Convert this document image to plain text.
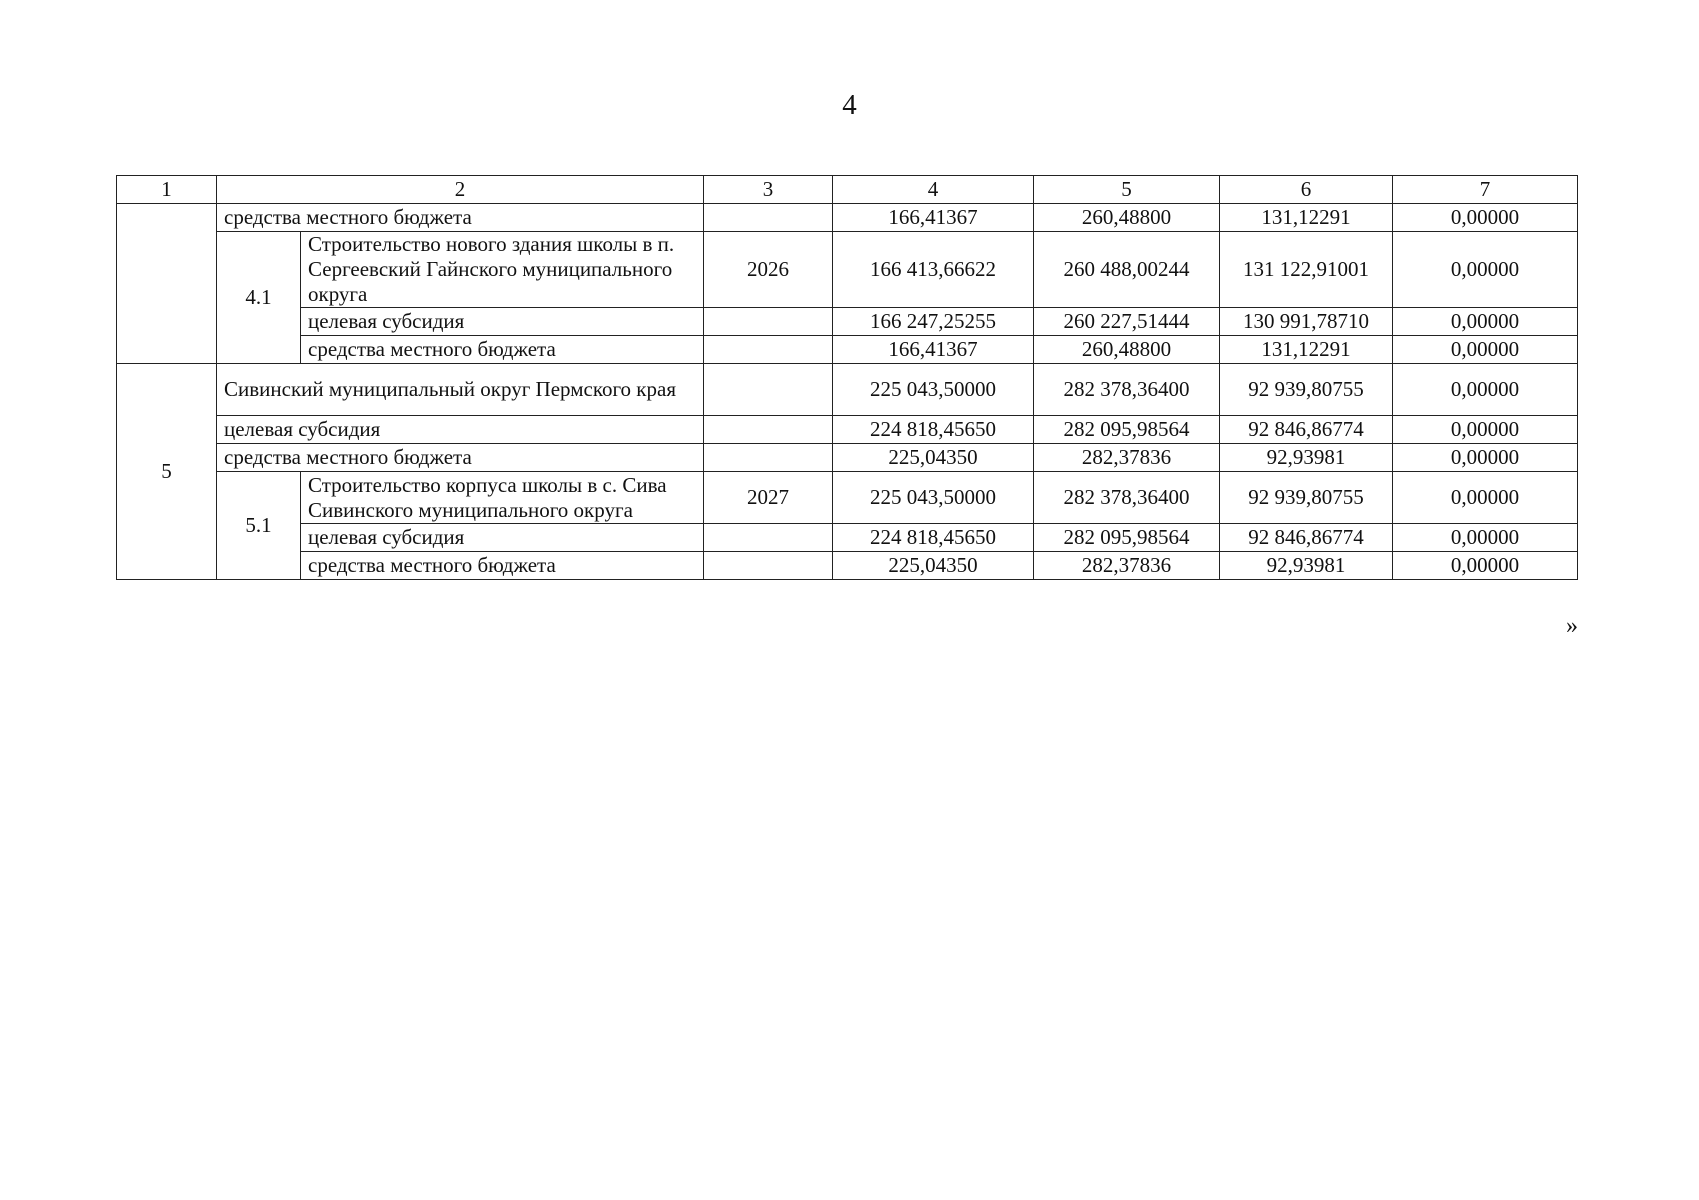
4
1	2		3	4	5	6	7
	средства местного бюджета			166,41367	260,48800	131,12291	0,00000
	4.1	Строительство нового здания школы в п. Сергеевский Гайнского муниципального округа	2026	166 413,66622	260 488,00244	131 122,91001	0,00000
		целевая субсидия		166 247,25255	260 227,51444	130 991,78710	0,00000
		средства местного бюджета		166,41367	260,48800	131,12291	0,00000
5	Сивинский муниципальный округ Пермского края			225 043,50000	282 378,36400	92 939,80755	0,00000
	целевая субсидия			224 818,45650	282 095,98564	92 846,86774	0,00000
	средства местного бюджета			225,04350	282,37836	92,93981	0,00000
	5.1	Строительство корпуса школы в с. Сива Сивинского муниципального округа	2027	225 043,50000	282 378,36400	92 939,80755	0,00000
		целевая субсидия		224 818,45650	282 095,98564	92 846,86774	0,00000
		средства местного бюджета		225,04350	282,37836	92,93981	0,00000
»
